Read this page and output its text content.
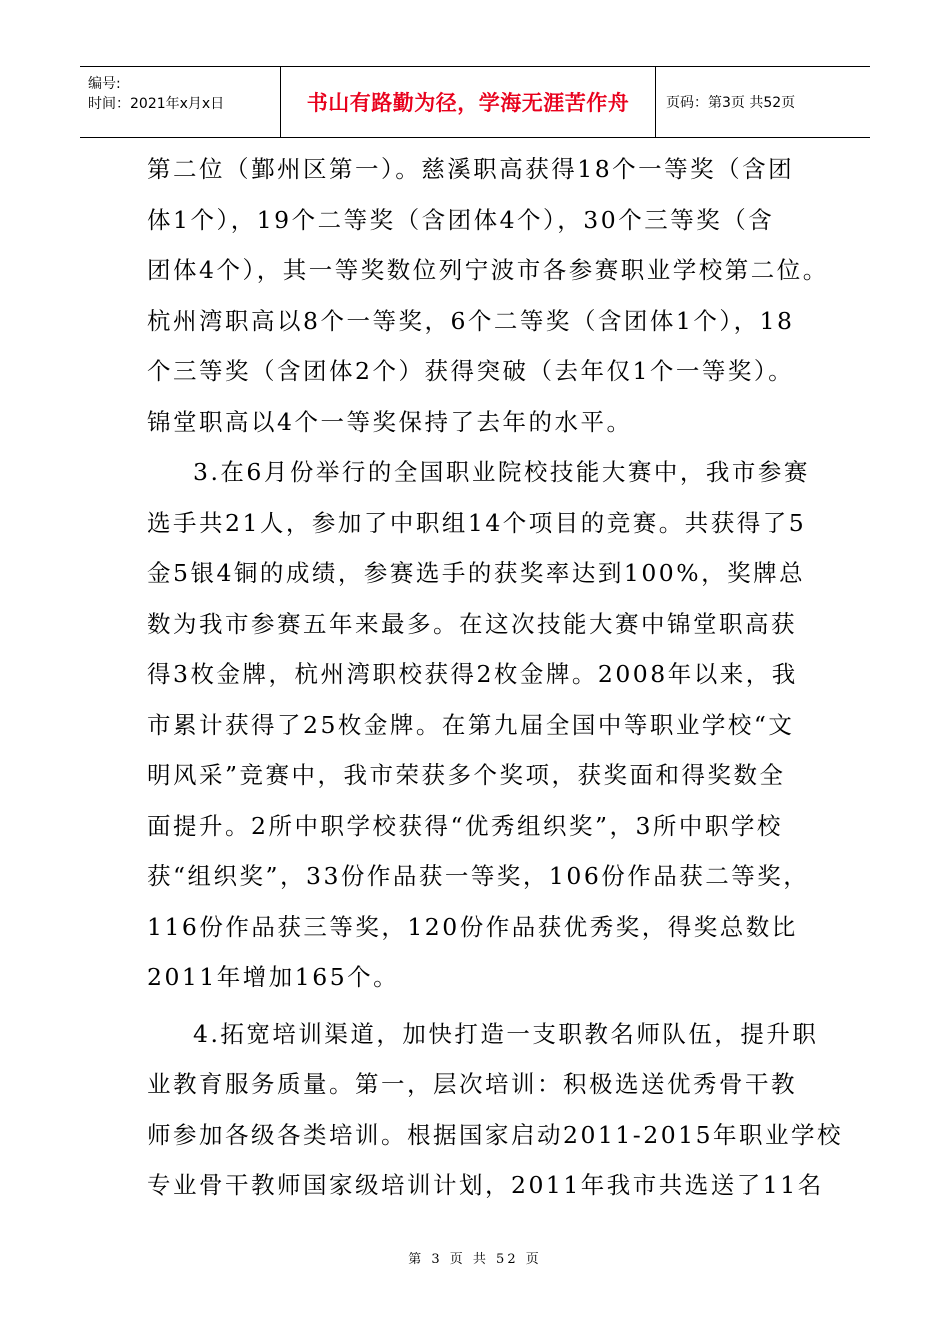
编号:
时间：2021年x月x日	书山有路勤为径，学海无涯苦作舟	页码：第3页 共52页
第二位（鄞州区第一）。慈溪职高获得18个一等奖（含团
体1个），19个二等奖（含团体4个），30个三等奖（含
团体4个），其一等奖数位列宁波市各参赛职业学校第二位。
杭州湾职高以8个一等奖，6个二等奖（含团体1个），18
个三等奖（含团体2个）获得突破（去年仅1个一等奖）。
锦堂职高以4个一等奖保持了去年的水平。
3.在6月份举行的全国职业院校技能大赛中，我市参赛
选手共21人，参加了中职组14个项目的竞赛。共获得了5
金5银4铜的成绩，参赛选手的获奖率达到100%，奖牌总
数为我市参赛五年来最多。在这次技能大赛中锦堂职高获
得3枚金牌，杭州湾职校获得2枚金牌。2008年以来，我
市累计获得了25枚金牌。在第九届全国中等职业学校“文
明风采”竞赛中，我市荣获多个奖项，获奖面和得奖数全
面提升。2所中职学校获得“优秀组织奖”，3所中职学校
获“组织奖”，33份作品获一等奖，106份作品获二等奖，
116份作品获三等奖，120份作品获优秀奖，得奖总数比
2011年增加165个。
4.拓宽培训渠道，加快打造一支职教名师队伍，提升职
业教育服务质量。第一，层次培训：积极选送优秀骨干教
师参加各级各类培训。根据国家启动2011-2015年职业学校
专业骨干教师国家级培训计划，2011年我市共选送了11名
第 3 页 共 52 页
